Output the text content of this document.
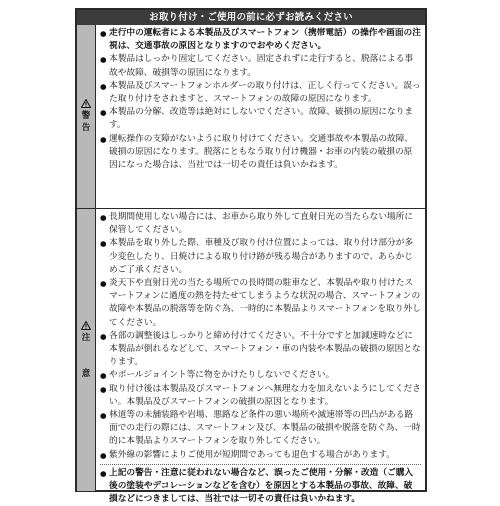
お取り付け・ご使用の前に必ずお読みください
警
告
● 走行中の運転者による本製品及びスマートフォン（携帯電話）の操作や画面の注視は、交通事故の原因となりますのでおやめください。
● 本製品はしっかり固定してください。固定されずに走行すると、脱落による事故や故障、破損等の原因になります。
● 本製品及びスマートフォンホルダーの取り付けは、正しく行ってください。誤った取り付けをされますと、スマートフォンの故障の原因になります。
● 本製品の分解、改造等は絶対にしないでください。故障、破損の原因になります。
● 運転操作の支障がないように取り付けてください。交通事故や本製品の故障、破損の原因になります。脱落にともなう取り付け機器・お車の内装の破損の原因になった場合は、当社では一切その責任は負いかねます。
注
意
● 長期間使用しない場合には、お車から取り外して直射日光の当たらない場所に保管してください。
● 本製品を取り外した際、車種及び取り付け位置によっては、取り付け部分が多少変色したり、日焼けによる取り付け跡が残る場合がありますので、あらかじめご了承ください。
● 炎天下や直射日光の当たる場所での長時間の駐車など、本製品や取り付けたスマートフォンに過度の熱を持たせてしまうような状況の場合、スマートフォンの故障や本製品の脱落等を防ぐ為、一時的に本製品よりスマートフォンを取り外してください。
● 各部の調整後はしっかりと締め付けてください。不十分ですと加減速時などに本製品が倒れるなどして、スマートフォン・車の内装や本製品の破損の原因となります。
● やボールジョイント等に物をかけたりしないでください。
● 取り付け後は本製品及びスマートフォンへ無理な力を加えないようにしてください。本製品及びスマートフォンの破損の原因となります。
● 林道等の未舗装路や岩場、悪路など条件の悪い場所や減速帯等の凹凸がある路面での走行の際には、スマートフォン及び、本製品の破損や脱落を防ぐ為、一時的に本製品よりスマートフォンを取り外してください。
● 紫外線の影響によりご使用が短期間であっても退色する場合があります。
● 上記の警告・注意に従われない場合など、誤ったご使用・分解・改造（ご購入後の塗装やデコレーションなどを含む）を原因とする本製品の事故、故障、破損などにつきましては、当社では一切その責任は負いかねます。
